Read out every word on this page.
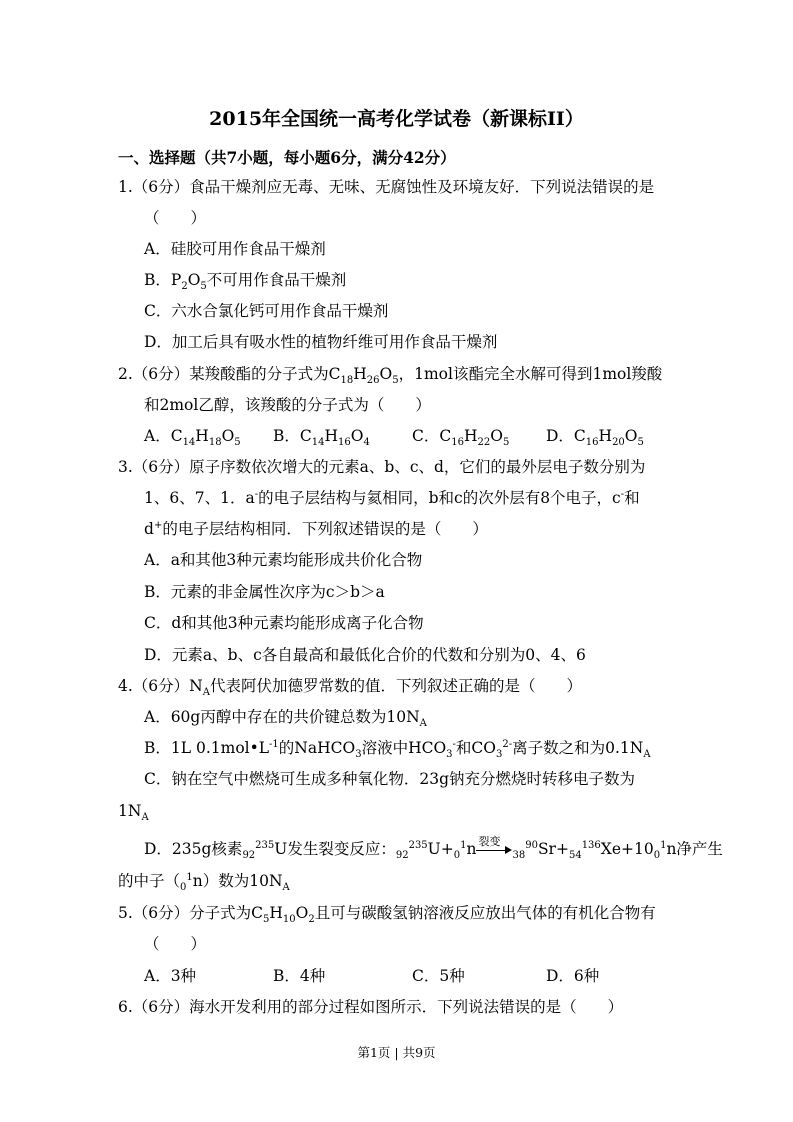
2015年全国统一高考化学试卷（新课标II）
一、选择题（共7小题，每小题6分，满分42分）
1.（6分）食品干燥剂应无毒、无味、无腐蚀性及环境友好．下列说法错误的是
（　　）
A．硅胶可用作食品干燥剂
B．$P_2O_5$不可用作食品干燥剂
C．六水合氯化钙可用作食品干燥剂
D．加工后具有吸水性的植物纤维可用作食品干燥剂
2.（6分）某羧酸酯的分子式为$C_{18}H_{26}O_5$，1mol该酯完全水解可得到1mol羧酸
和2mol乙醇，该羧酸的分子式为（　　）
A．$C_{14}H_{18}O_5$ B．$C_{14}H_{16}O_4$	C．$C_{16}H_{22}O_5$ D．$C_{16}H_{20}O_5$
3.（6分）原子序数依次增大的元素a、b、c、d，它们的最外层电子数分别为
1、6、7、1．a-的电子层结构与氦相同，b和c的次外层有8个电子，c-和
d+的电子层结构相同．下列叙述错误的是（　　）
A．a和其他3种元素均能形成共价化合物
B．元素的非金属性次序为c＞b＞a
C．d和其他3种元素均能形成离子化合物
D．元素a、b、c各自最高和最低化合价的代数和分别为0、4、6
4.（6分）$N_A$代表阿伏加德罗常数的值．下列叙述正确的是（　　）
A．60g丙醇中存在的共价键总数为$10N_A$
B．1L $0.1mol•L^{-1}$的NaHCO$_3$溶液中$HCO_3^-$和$CO_3^{2-}$离子数之和为$0.1N_A$
C．钠在空气中燃烧可生成多种氧化物．23g钠充分燃烧时转移电子数为
$1N_A$
D．235g核素$_{92}^{235}$U发生裂变反应：$_{92}^{235}U+_0^1n$ 裂变
$_{38}^{90}Sr+_{54}^{136}Xe+10_0^1n$净产生
的中子$(_0^1n)$数为$10N_A$
5.（6分）分子式为$C_5H_{10}O_2$且可与碳酸氢钠溶液反应放出气体的有机化合物有
（　　）
A．3种	B．4种	C．5种	D．6种
6.（6分）海水开发利用的部分过程如图所示．下列说法错误的是（　　）
第1页 | 共9页
